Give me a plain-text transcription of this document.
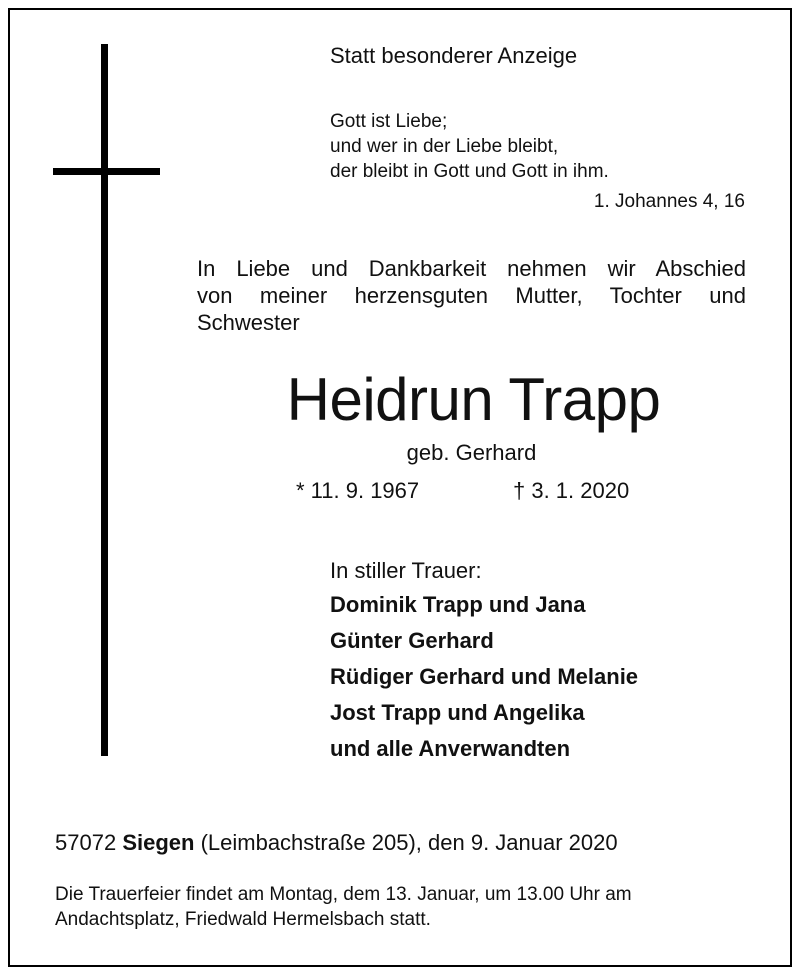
Statt besonderer Anzeige
Gott ist Liebe;
und wer in der Liebe bleibt,
der bleibt in Gott und Gott in ihm.
1. Johannes 4, 16
In Liebe und Dankbarkeit nehmen wir Abschied
von meiner herzensguten Mutter, Tochter und
Schwester
Heidrun Trapp
geb. Gerhard
* 11. 9. 1967	† 3. 1. 2020
In stiller Trauer:
Dominik Trapp und Jana
Günter Gerhard
Rüdiger Gerhard und Melanie
Jost Trapp und Angelika
und alle Anverwandten
57072 Siegen (Leimbachstraße 205), den 9. Januar 2020
Die Trauerfeier findet am Montag, dem 13. Januar, um 13.00 Uhr am
Andachtsplatz, Friedwald Hermelsbach statt.
